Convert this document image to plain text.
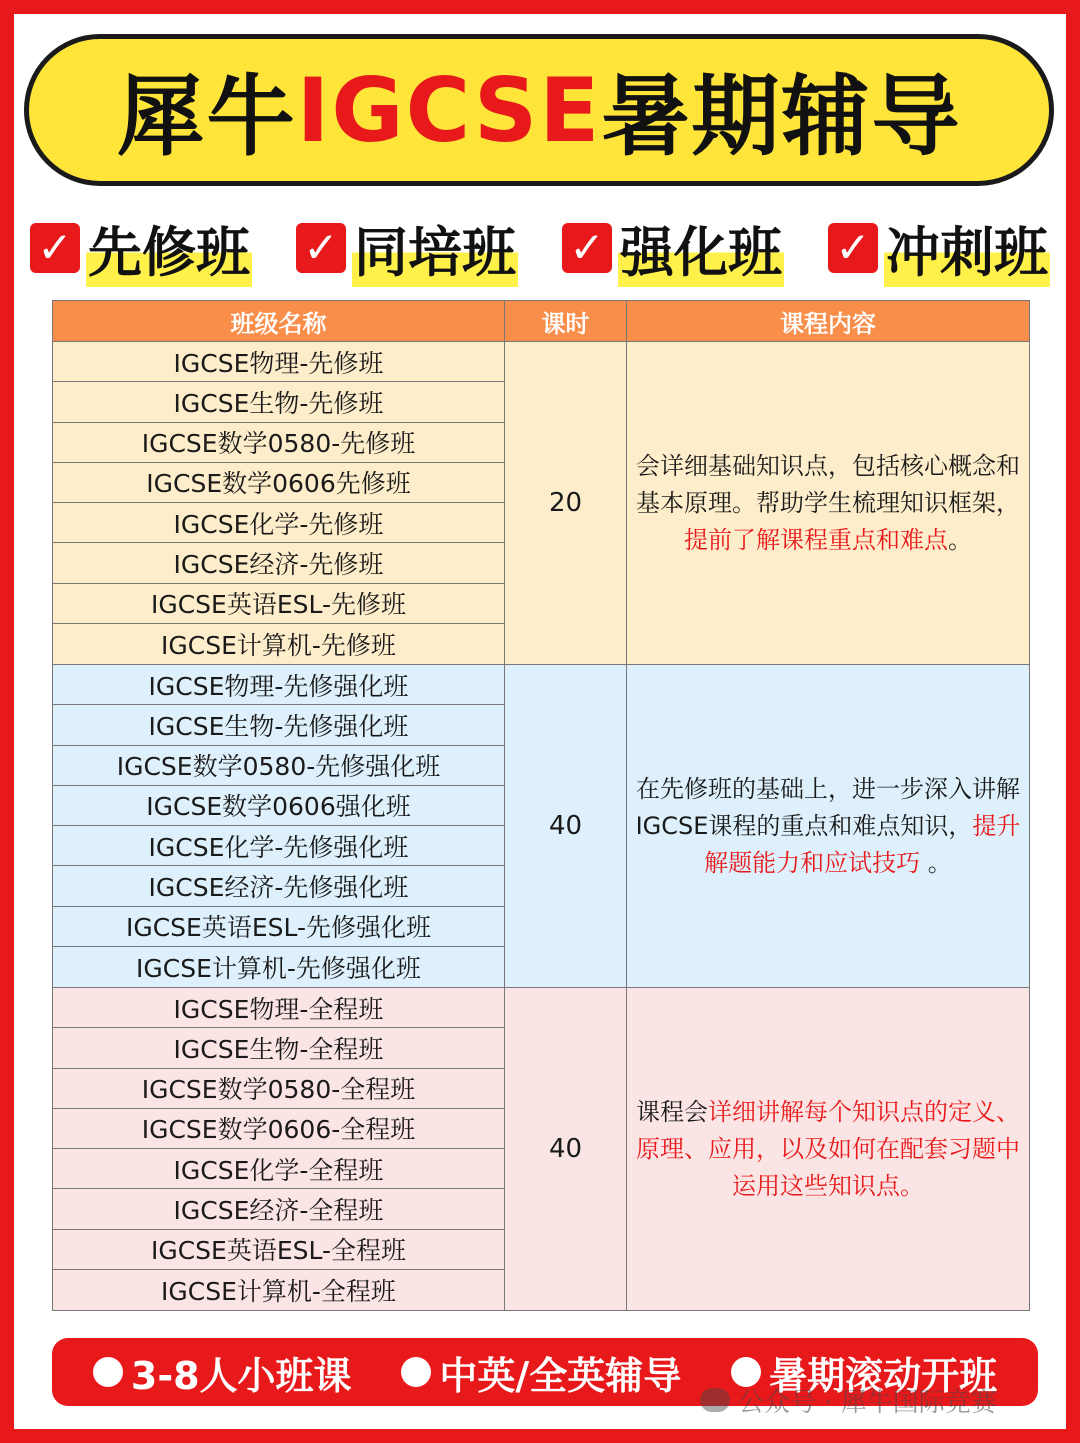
犀牛 IGCSE 暑期辅导
✓ 先修班 ✓ 同培班 ✓ 强化班 ✓ 冲刺班
班级名称	课时	课程内容
IGCSE物理-先修班
IGCSE生物-先修班
IGCSE数学0580-先修班
IGCSE数学0606先修班
IGCSE化学-先修班
IGCSE经济-先修班
IGCSE英语ESL-先修班
IGCSE计算机-先修班
20

会详细基础知识点，包括核心概念和基本原理。帮助学生梳理知识框架，提前了解课程重点和难点。

IGCSE物理-先修强化班
IGCSE生物-先修强化班
IGCSE数学0580-先修强化班
IGCSE数学0606强化班
IGCSE化学-先修强化班
IGCSE经济-先修强化班
IGCSE英语ESL-先修强化班
IGCSE计算机-先修强化班
40

在先修班的基础上，进一步深入讲解IGCSE课程的重点和难点知识，提升解题能力和应试技巧 。

IGCSE物理-全程班
IGCSE生物-全程班
IGCSE数学0580-全程班
IGCSE数学0606-全程班
IGCSE化学-全程班
IGCSE经济-全程班
IGCSE英语ESL-全程班
IGCSE计算机-全程班
40

课程会详细讲解每个知识点的定义、原理、应用，以及如何在配套习题中运用这些知识点。

3-8人小班课 中英/全英辅导 暑期滚动开班
公众号 · 犀牛国际竞赛
